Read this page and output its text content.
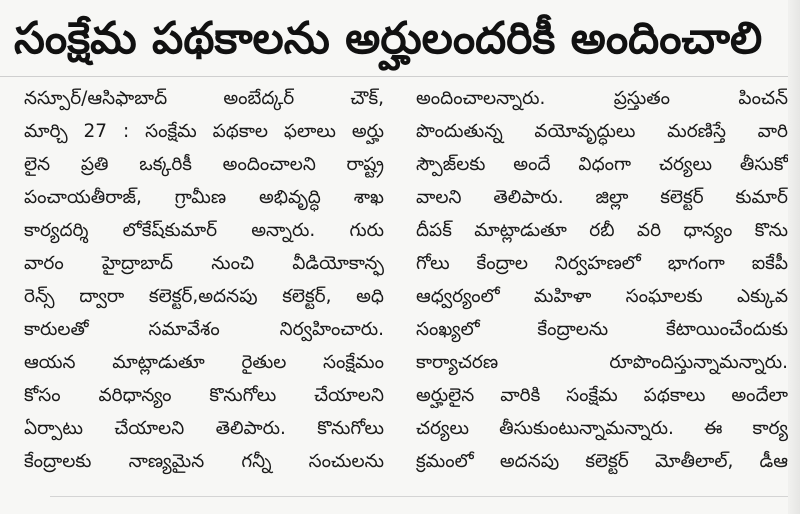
సంక్షేమ పథకాలను అర్హులందరికీ అందించాలి
నస్పూర్/ఆసిఫాబాద్ అంబేద్కర్ చౌక్,
మార్చి 27 : సంక్షేమ పథకాల ఫలాలు అర్హు
లైన ప్రతి ఒక్కరికీ అందించాలని రాష్ట్ర
పంచాయతీరాజ్, గ్రామీణ అభివృద్ధి శాఖ
కార్యదర్శి లోకేష్‌కుమార్ అన్నారు. గురు
వారం హైద్రాబాద్ నుంచి వీడియోకాన్ఫ
రెన్స్ ద్వారా కలెక్టర్,అదనపు కలెక్టర్, అధి
కారులతో సమావేశం నిర్వహించారు.
ఆయన మాట్లాడుతూ రైతుల సంక్షేమం
కోసం వరిధాన్యం కొనుగోలు చేయాలని
ఏర్పాటు చేయాలని తెలిపారు. కొనుగోలు
కేంద్రాలకు నాణ్యమైన గన్నీ సంచులను
అందించాలన్నారు. ప్రస్తుతం పించన్
పొందుతున్న వయోవృద్ధులు మరణిస్తే వారి
స్పౌజ్‌లకు అందే విధంగా చర్యలు తీసుకో
వాలని తెలిపారు. జిల్లా కలెక్టర్ కుమార్
దీపక్ మాట్లాడుతూ రబీ వరి ధాన్యం కొను
గోలు కేంద్రాల నిర్వహణలో భాగంగా ఐకేపీ
ఆధ్వర్యంలో మహిళా సంఘాలకు ఎక్కువ
సంఖ్యలో కేంద్రాలను కేటాయించేందుకు
కార్యాచరణ రూపొందిస్తున్నామన్నారు.
అర్హులైన వారికి సంక్షేమ పథకాలు అందేలా
చర్యలు తీసుకుంటున్నామన్నారు. ఈ కార్య
క్రమంలో అదనపు కలెక్టర్ మోతీలాల్, డీఆ
